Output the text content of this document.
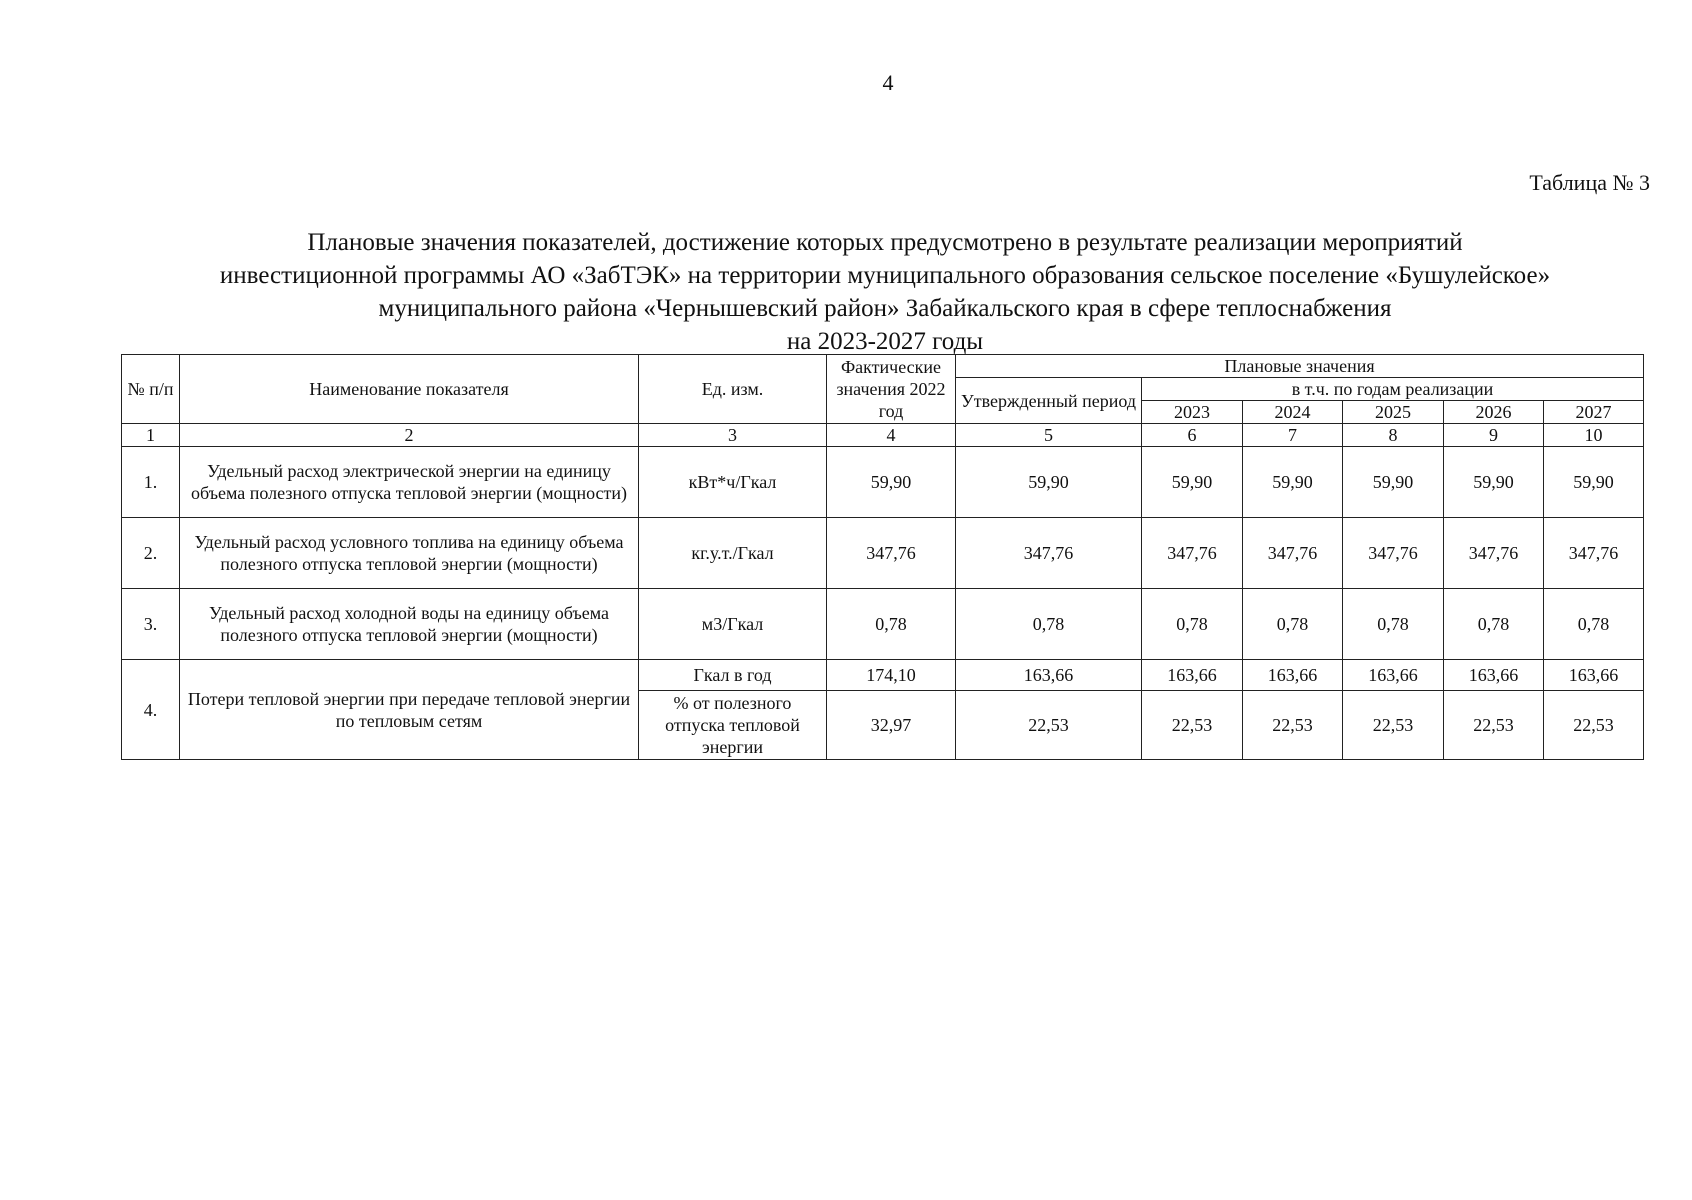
4
Таблица № 3
Плановые значения показателей, достижение которых предусмотрено в результате реализации мероприятий
инвестиционной программы АО «ЗабТЭК» на территории муниципального образования сельское поселение «Бушулейское»
муниципального района «Чернышевский район» Забайкальского края в сфере теплоснабжения
на 2023-2027 годы
№ п/п	Наименование показателя	Ед. изм.	Фактические значения 2022 год	Плановые значения					
				Утвержденный период	в т.ч. по годам реализации				
					2023	2024	2025	2026	2027
1	2	3	4	5	6	7	8	9	10
1.	Удельный расход электрической энергии на единицу объема полезного отпуска тепловой энергии (мощности)	кВт*ч/Гкал	59,90	59,90	59,90	59,90	59,90	59,90	59,90
2.	Удельный расход условного топлива на единицу объема полезного отпуска тепловой энергии (мощности)	кг.у.т./Гкал	347,76	347,76	347,76	347,76	347,76	347,76	347,76
3.	Удельный расход холодной воды на единицу объема полезного отпуска тепловой энергии (мощности)	м3/Гкал	0,78	0,78	0,78	0,78	0,78	0,78	0,78
4.	Потери тепловой энергии при передаче тепловой энергии по тепловым сетям	Гкал в год	174,10	163,66	163,66	163,66	163,66	163,66	163,66
		% от полезного отпуска тепловой энергии	32,97	22,53	22,53	22,53	22,53	22,53	22,53
